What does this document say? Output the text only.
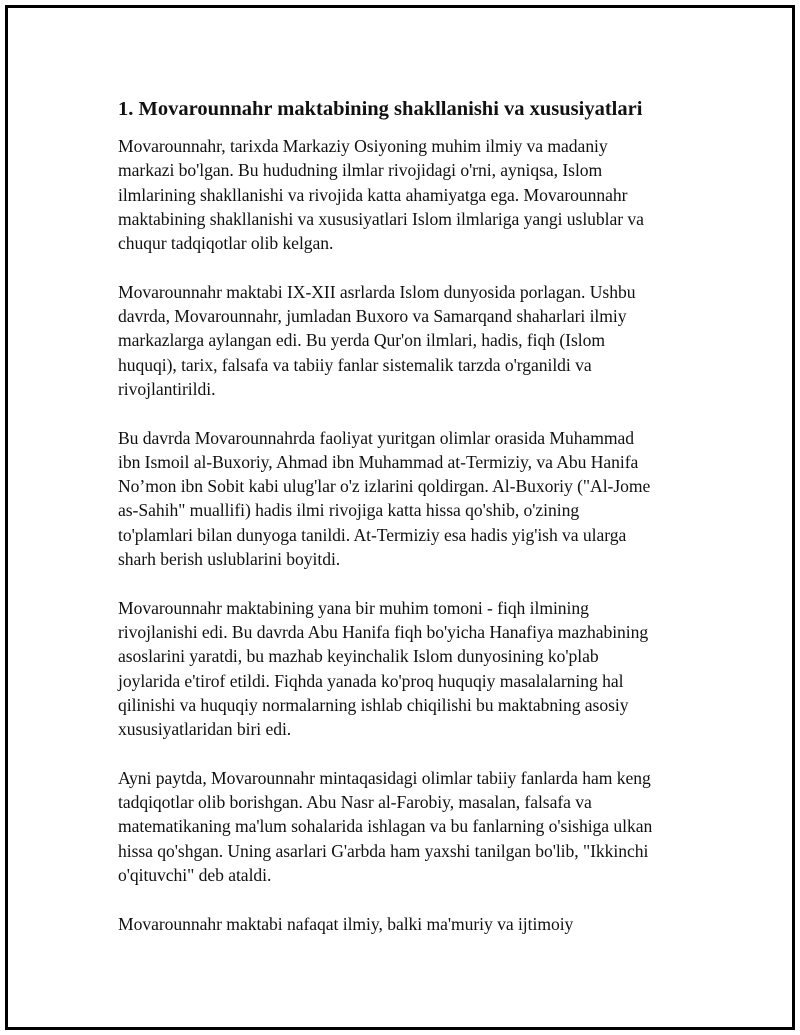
1. Movarounnahr maktabining shakllanishi va xususiyatlari

Movarounnahr, tarixda Markaziy Osiyoning muhim ilmiy va madaniy
markazi bo'lgan. Bu hududning ilmlar rivojidagi o'rni, ayniqsa, Islom
ilmlarining shakllanishi va rivojida katta ahamiyatga ega. Movarounnahr
maktabining shakllanishi va xususiyatlari Islom ilmlariga yangi uslublar va
chuqur tadqiqotlar olib kelgan.

Movarounnahr maktabi IX-XII asrlarda Islom dunyosida porlagan. Ushbu
davrda, Movarounnahr, jumladan Buxoro va Samarqand shaharlari ilmiy
markazlarga aylangan edi. Bu yerda Qur'on ilmlari, hadis, fiqh (Islom
huquqi), tarix, falsafa va tabiiy fanlar sistemalik tarzda o'rganildi va
rivojlantirildi.

Bu davrda Movarounnahrda faoliyat yuritgan olimlar orasida Muhammad
ibn Ismoil al-Buxoriy, Ahmad ibn Muhammad at-Termiziy, va Abu Hanifa
No’mon ibn Sobit kabi ulug'lar o'z izlarini qoldirgan. Al-Buxoriy ("Al-Jome
as-Sahih" muallifi) hadis ilmi rivojiga katta hissa qo'shib, o'zining
to'plamlari bilan dunyoga tanildi. At-Termiziy esa hadis yig'ish va ularga
sharh berish uslublarini boyitdi.

Movarounnahr maktabining yana bir muhim tomoni - fiqh ilmining
rivojlanishi edi. Bu davrda Abu Hanifa fiqh bo'yicha Hanafiya mazhabining
asoslarini yaratdi, bu mazhab keyinchalik Islom dunyosining ko'plab
joylarida e'tirof etildi. Fiqhda yanada ko'proq huquqiy masalalarning hal
qilinishi va huquqiy normalarning ishlab chiqilishi bu maktabning asosiy
xususiyatlaridan biri edi.

Ayni paytda, Movarounnahr mintaqasidagi olimlar tabiiy fanlarda ham keng
tadqiqotlar olib borishgan. Abu Nasr al-Farobiy, masalan, falsafa va
matematikaning ma'lum sohalarida ishlagan va bu fanlarning o'sishiga ulkan
hissa qo'shgan. Uning asarlari G'arbda ham yaxshi tanilgan bo'lib, "Ikkinchi
o'qituvchi" deb ataldi.

Movarounnahr maktabi nafaqat ilmiy, balki ma'muriy va ijtimoiy
